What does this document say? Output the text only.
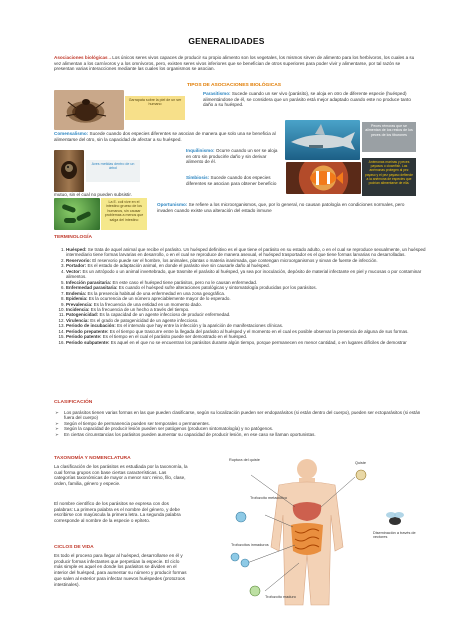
GENERALIDADES
Asociaciones biológicas→Los únicos seres vivos capaces de producir su propio alimento son los vegetales, los mismos sirven de alimento para los herbívoros, los cuales a su vez alimentan a los carnívoros y a los omnívoros, pero, existen seres vivos inferiores que se benefician de otros superiores para poder vivir y alimentarse, por tal razón se presentan varias interacciones mediante las cuales los organismos se asocian.
TIPOS DE ASOCIACIONES BIOLÓGICAS
Garrapata sobre la piel de un ser humano
Parasitismo: Sucede cuando un ser vivo (parásito), se aloja en otro de diferente especie (huésped) alimentándose de él, se considera que un parásito está mejor adaptado cuando este no produce tanto daño a su huésped.
Comensalismo: Sucede cuando dos especies diferentes se asocian de manera que solo una se beneficia al alimentarse del otro, sin la capacidad de afectar a su huésped.
Peces rémoras que se alimentan de los restos de los peces de los tiburones
Aves metidas dentro de un árbol
Inquilinismo: Ocurre cuando un ser se aloja en otro sin producirle daño y sin derivar alimento de él.
Simbiosis: Sucede cuando dos especies diferentes se asocian para obtener beneficio
mutuo, sin el cual no pueden subsistir.
Anémonas marinas y peces payasos o clownfish. Las anémonas protegen al pez payaso y el pez payaso defiende a la anémona de especies que podrían alimentarse de ella.
La E. coli vive en el intestino grueso de los humanos, sin causar problemas a menos que salga del intestino
Oportunismo: Se refiere a los microorganismos, que, por lo general, no causan patología en condiciones normales, pero invaden cuando existe una alteración del estado inmune
TERMINOLOGÍA
1. Huésped: Se trata de aquel animal que recibe el parásito. Un huésped definitivo es el que tiene el parásito en su estado adulto, o en el cual se reproduce sexualmente, un huésped intermediario tiene formas larvarias en desarrollo, o en el cual se reproduce de manera asexual, el huésped trasportador es el que tiene formas larvarias no desarrolladas.
2. Reservorio: El reservorio puede ser el hombre, los animales, plantas o materia inanimada, que contengan microorganismos y sirvan de fuente de infección.
3. Portador: Es el estado de adaptación animal, en donde el parásito vive sin causarle daño al huésped.
4. Vector: Es un artrópodo o un animal invertebrado, que trasmite el parásito al huésped, ya sea por inoculación, depósito de material infectante en piel y mucosas o por contaminar alimentos.
5. Infección parasitaria: En este caso el huésped tiene parásitos, pero no le causan enfermedad.
6. Enfermedad parasitaria: Es cuando el huésped sufre alteraciones patológicas y sintomatología producidas por los parásitos.
7. Endemia: Es la presencia habitual de una enfermedad en una zona geográfica.
8. Epidemia: Es la ocurrencia de un número apreciablemente mayor de lo esperado.
9. Prevalencia: Es la frecuencia de una entidad en un momento dado.
10. Incidencia: Es la frecuencia de un hecho a través del tiempo.
11. Patogenicidad: Es la capacidad de un agente infeccioso de producir enfermedad.
12. Virulencia: Es el grado de patogenicidad de un agente infeccioso.
13. Periodo de incubación: Es el intervalo que hay entre la infección y la aparición de manifestaciones clínicas.
14. Periodo prepatente: Es el tiempo que trascurre entre la llegada del parásito al huésped y el momento en el cual es posible observar la presencia de alguna de sus formas.
15. Periodo patente: Es el tiempo en el cual el parásito puede ser demostrado en el huésped.
16. Periodo subpatente: Es aquel en el que no se encuentran los parásitos durante algún tiempo, porque permanecen en menor cantidad, o en lugares difíciles de demostrar
CLASIFICACIÓN
➢ Los parásitos tienen varias formas en las que pueden clasificarse, según su localización pueden ser endoparásitos (si están dentro del cuerpo), pueden ser ectoparásitos (si están fuera del cuerpo)
➢ Según el tiempo de permanencia pueden ser temporales o permanentes.
➢ Según la capacidad de producir lesión pueden ser patógenos (producen sintomatología) y no patógenos.
➢ En ciertas circunstancias los parásitos pueden aumentar su capacidad de producir lesión, en ese caso se llaman oportunistas.
TAXONOMÍA Y NOMENCLATURA
La clasificación de los parásitos es estudiada por la taxonomía, la cual forma grupos con base ciertas características. Las categorías taxonómicas de mayor a menor son: reino, filo, clase, orden, familia, género y especie.
El nombre científico de los parásitos se expresa con dos palabras: La primera palabra es el nombre del género, y debe escribirse con mayúscula la primera letra. La segunda palabra corresponde al nombre de la especie o epíteto.
CICLOS DE VIDA
Es todo el proceso para llegar al huésped, desarrollarse en él y producir formas infectantes que perpetúan la especie. El ciclo más simple es aquel en donde los parásitos se dividen en el interior del huésped, para aumentar su número y producir formas que salen al exterior para infectar nuevos huéspedes (protozoos intestinales).
Ruptura del quiste
Quiste
Trofozoíto metacíclico
Trofozoítos inmaduros
Trofozoíto maduro
Diseminación a través de vectores
